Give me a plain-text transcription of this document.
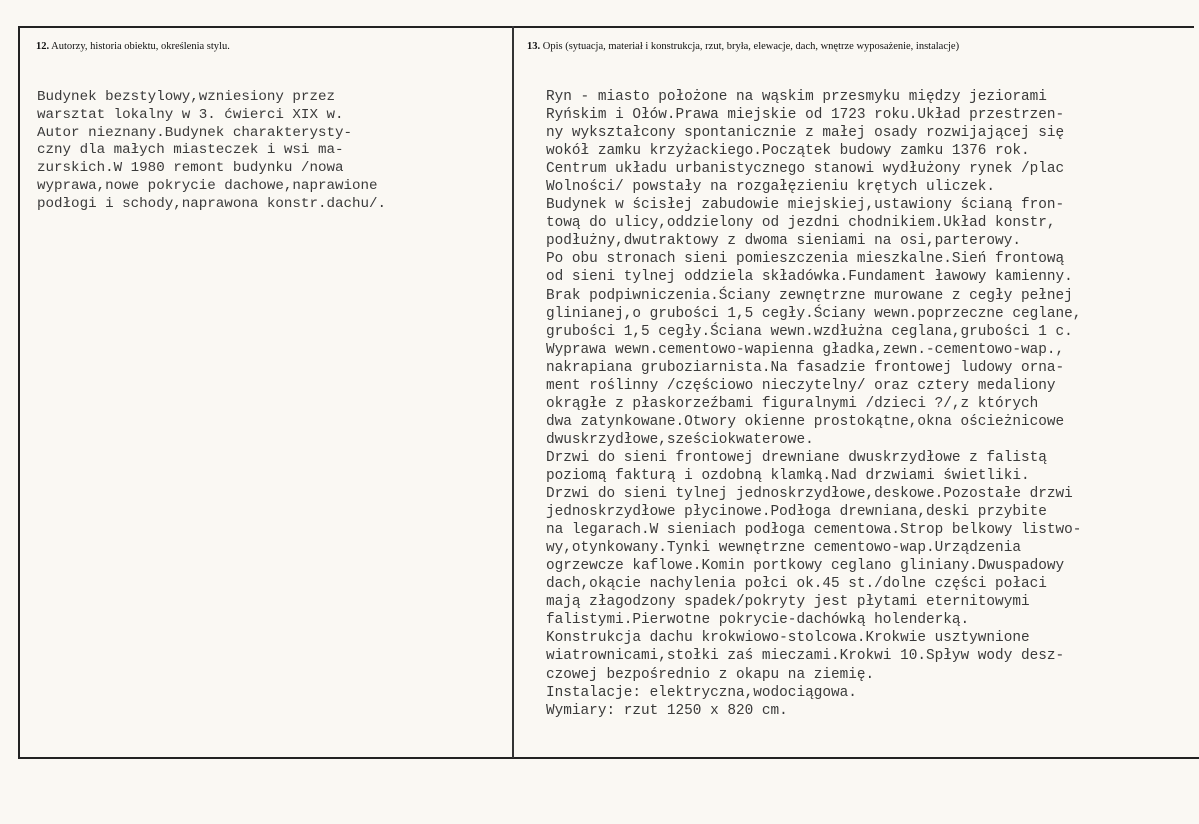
12. Autorzy, historia obiektu, określenia stylu.	13. Opis (sytuacja, materiał i konstrukcja, rzut, bryła, elewacje, dach, wnętrze wyposażenie, instalacje)
Budynek bezstylowy,wzniesiony przez
warsztat lokalny w 3. ćwierci XIX w.
Autor nieznany.Budynek charakterysty-
czny dla małych miasteczek i wsi ma-
zurskich.W 1980 remont budynku /nowa
wyprawa,nowe pokrycie dachowe,naprawione
podłogi i schody,naprawona konstr.dachu/.
Ryn - miasto położone na wąskim przesmyku między jeziorami
Ryńskim i Ołów.Prawa miejskie od 1723 roku.Układ przestrzen-
ny wykształcony spontanicznie z małej osady rozwijającej się
wokół zamku krzyżackiego.Początek budowy zamku 1376 rok.
Centrum układu urbanistycznego stanowi wydłużony rynek /plac
Wolności/ powstały na rozgałęzieniu krętych uliczek.
Budynek w ścisłej zabudowie miejskiej,ustawiony ścianą fron-
tową do ulicy,oddzielony od jezdni chodnikiem.Układ konstr,
podłużny,dwutraktowy z dwoma sieniami na osi,parterowy.
Po obu stronach sieni pomieszczenia mieszkalne.Sień frontową
od sieni tylnej oddziela składówka.Fundament ławowy kamienny.
Brak podpiwniczenia.Ściany zewnętrzne murowane z cegły pełnej
glinianej,o grubości 1,5 cegły.Ściany wewn.poprzeczne ceglane,
grubości 1,5 cegły.Ściana wewn.wzdłużna ceglana,grubości 1 c.
Wyprawa wewn.cementowo-wapienna gładka,zewn.-cementowo-wap.,
nakrapiana gruboziarnista.Na fasadzie frontowej ludowy orna-
ment roślinny /częściowo nieczytelny/ oraz cztery medaliony
okrągłe z płaskorzeźbami figuralnymi /dzieci ?/,z których
dwa zatynkowane.Otwory okienne prostokątne,okna ościeżnicowe
dwuskrzydłowe,sześciokwaterowe.
Drzwi do sieni frontowej drewniane dwuskrzydłowe z falistą
poziomą fakturą i ozdobną klamką.Nad drzwiami świetliki.
Drzwi do sieni tylnej jednoskrzydłowe,deskowe.Pozostałe drzwi
jednoskrzydłowe płycinowe.Podłoga drewniana,deski przybite
na legarach.W sieniach podłoga cementowa.Strop belkowy listwo-
wy,otynkowany.Tynki wewnętrzne cementowo-wap.Urządzenia
ogrzewcze kaflowe.Komin portkowy ceglano gliniany.Dwuspadowy
dach,okącie nachylenia połci ok.45 st./dolne części połaci
mają złagodzony spadek/pokryty jest płytami eternitowymi
falistymi.Pierwotne pokrycie-dachówką holenderką.
Konstrukcja dachu krokwiowo-stolcowa.Krokwie usztywnione
wiatrownicami,stołki zaś mieczami.Krokwi 10.Spływ wody desz-
czowej bezpośrednio z okapu na ziemię.
Instalacje: elektryczna,wodociągowa.
Wymiary: rzut 1250 x 820 cm.
